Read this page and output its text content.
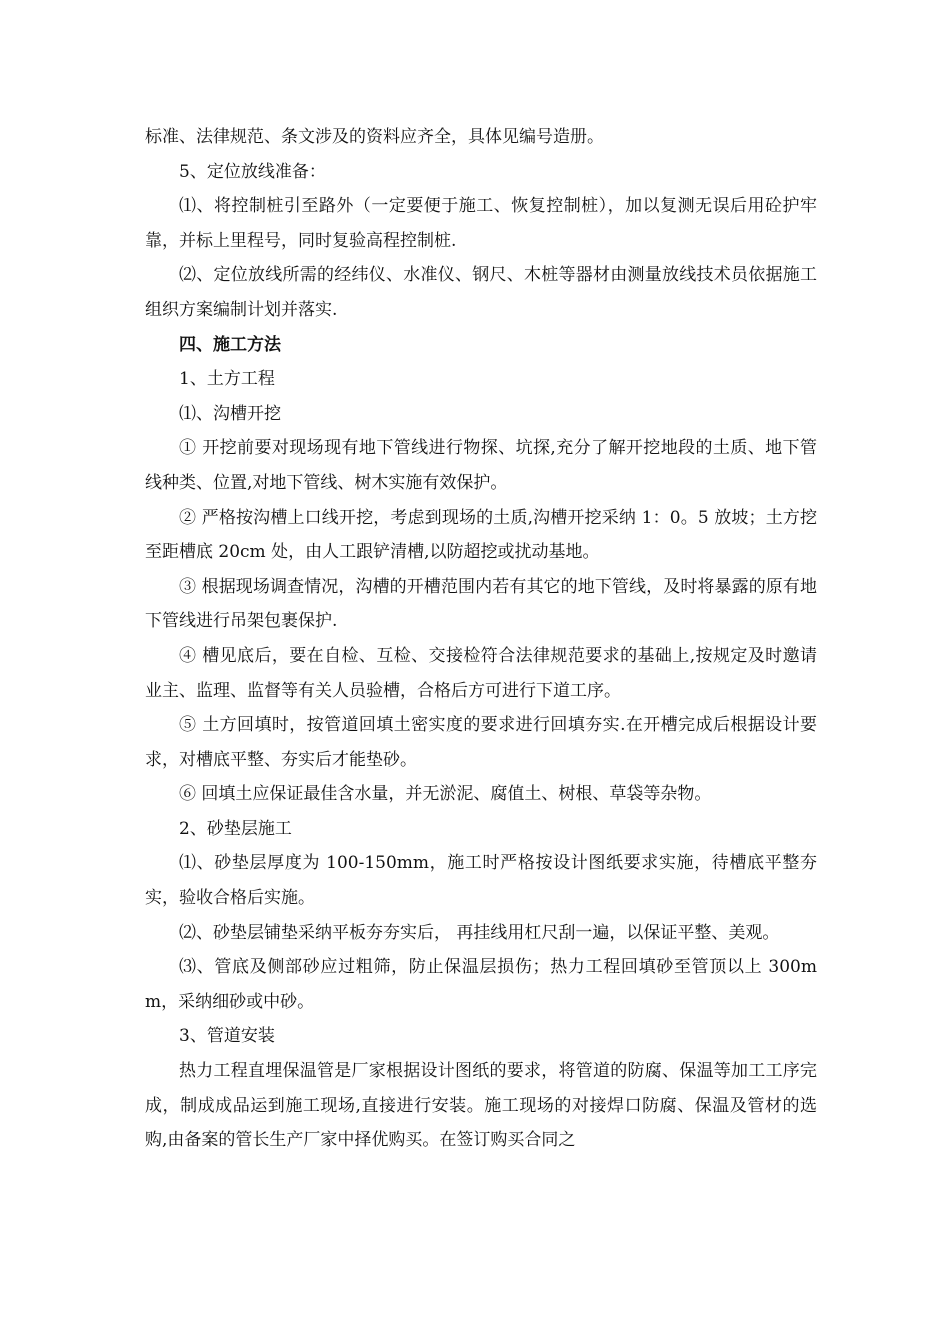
标准、法律规范、条文涉及的资料应齐全，具体见编号造册。

5、定位放线准备：

⑴、将控制桩引至路外（一定要便于施工、恢复控制桩），加以复测无误后用砼护牢靠，并标上里程号，同时复验高程控制桩.

⑵、定位放线所需的经纬仪、水准仪、钢尺、木桩等器材由测量放线技术员依据施工组织方案编制计划并落实.

四、施工方法

1、土方工程

⑴、沟槽开挖

① 开挖前要对现场现有地下管线进行物探、坑探,充分了解开挖地段的土质、地下管线种类、位置,对地下管线、树木实施有效保护。

② 严格按沟槽上口线开挖，考虑到现场的土质,沟槽开挖采纳 1：0。5 放坡；土方挖至距槽底 20cm 处，由人工跟铲清槽,以防超挖或扰动基地。

③ 根据现场调查情况，沟槽的开槽范围内若有其它的地下管线，及时将暴露的原有地下管线进行吊架包裹保护.

④ 槽见底后，要在自检、互检、交接检符合法律规范要求的基础上,按规定及时邀请业主、监理、监督等有关人员验槽，合格后方可进行下道工序。

⑤ 土方回填时，按管道回填土密实度的要求进行回填夯实.在开槽完成后根据设计要求，对槽底平整、夯实后才能垫砂。

⑥ 回填土应保证最佳含水量，并无淤泥、腐值土、树根、草袋等杂物。

2、砂垫层施工

⑴、砂垫层厚度为 100-150mm，施工时严格按设计图纸要求实施，待槽底平整夯实，验收合格后实施。

⑵、砂垫层铺垫采纳平板夯夯实后， 再挂线用杠尺刮一遍，以保证平整、美观。

⑶、管底及侧部砂应过粗筛，防止保温层损伤；热力工程回填砂至管顶以上 300mm，采纳细砂或中砂。

3、管道安装

热力工程直埋保温管是厂家根据设计图纸的要求，将管道的防腐、保温等加工工序完成，制成成品运到施工现场,直接进行安装。施工现场的对接焊口防腐、保温及管材的选购,由备案的管长生产厂家中择优购买。在签订购买合同之
